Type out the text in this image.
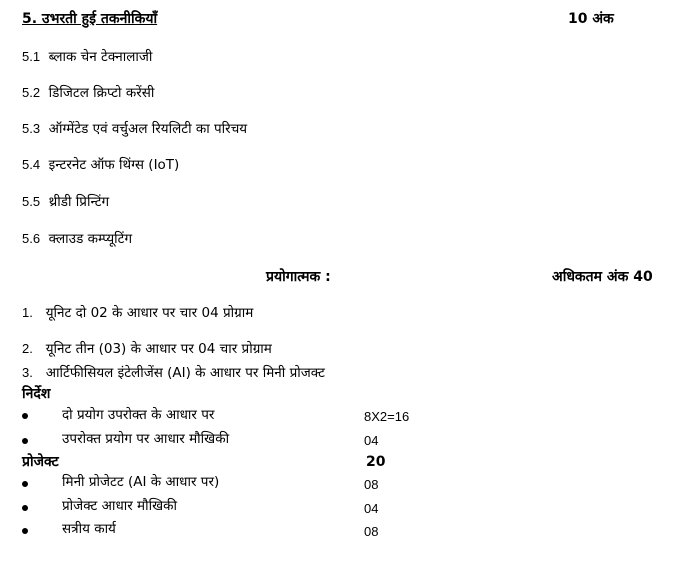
5. उभरती हुई तकनीकियाँ	10 अंक
5.1 ब्लाक चेन टेक्नालाजी
5.2 डिजिटल क्रिप्टो करेंसी
5.3 ऑग्मेंटेड एवं वर्चुअल रियलिटी का परिचय
5.4 इन्टरनेट ऑफ थिंग्स (IoT)
5.5 थ्रीडी प्रिन्टिंग
5.6 क्लाउड कम्प्यूटिंग
प्रयोगात्मक :	अधिकतम अंक 40
1. यूनिट दो 02 के आधार पर चार 04 प्रोग्राम
2. यूनिट तीन (03) के आधार पर 04 चार प्रोग्राम
3. आर्टिफीसियल इंटेलीजेंस (AI) के आधार पर मिनी प्रोजक्ट
निर्देश
दो प्रयोग उपरोक्त के आधार पर	8X2=16
उपरोक्त प्रयोग पर आधार मौखिकी	04
प्रोजेक्ट	20
मिनी प्रोजेटट (AI के आधार पर)	08
प्रोजेक्ट आधार मौखिकी	04
सत्रीय कार्य	08
